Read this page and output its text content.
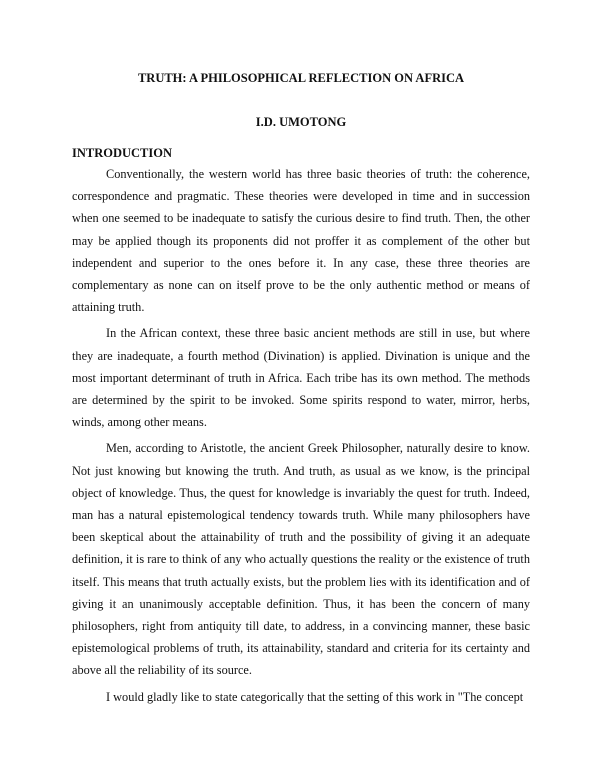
TRUTH: A PHILOSOPHICAL REFLECTION ON AFRICA
I.D. UMOTONG
INTRODUCTION

Conventionally, the western world has three basic theories of truth: the coherence, correspondence and pragmatic. These theories were developed in time and in succession when one seemed to be inadequate to satisfy the curious desire to find truth. Then, the other may be applied though its proponents did not proffer it as complement of the other but independent and superior to the ones before it. In any case, these three theories are complementary as none can on itself prove to be the only authentic method or means of attaining truth.

In the African context, these three basic ancient methods are still in use, but where they are inadequate, a fourth method (Divination) is applied. Divination is unique and the most important determinant of truth in Africa. Each tribe has its own method. The methods are determined by the spirit to be invoked. Some spirits respond to water, mirror, herbs, winds, among other means.

Men, according to Aristotle, the ancient Greek Philosopher, naturally desire to know. Not just knowing but knowing the truth. And truth, as usual as we know, is the principal object of knowledge. Thus, the quest for knowledge is invariably the quest for truth. Indeed, man has a natural epistemological tendency towards truth. While many philosophers have been skeptical about the attainability of truth and the possibility of giving it an adequate definition, it is rare to think of any who actually questions the reality or the existence of truth itself. This means that truth actually exists, but the problem lies with its identification and of giving it an unanimously acceptable definition. Thus, it has been the concern of many philosophers, right from antiquity till date, to address, in a convincing manner, these basic epistemological problems of truth, its attainability, standard and criteria for its certainty and above all the reliability of its source.

I would gladly like to state categorically that the setting of this work in "The concept
